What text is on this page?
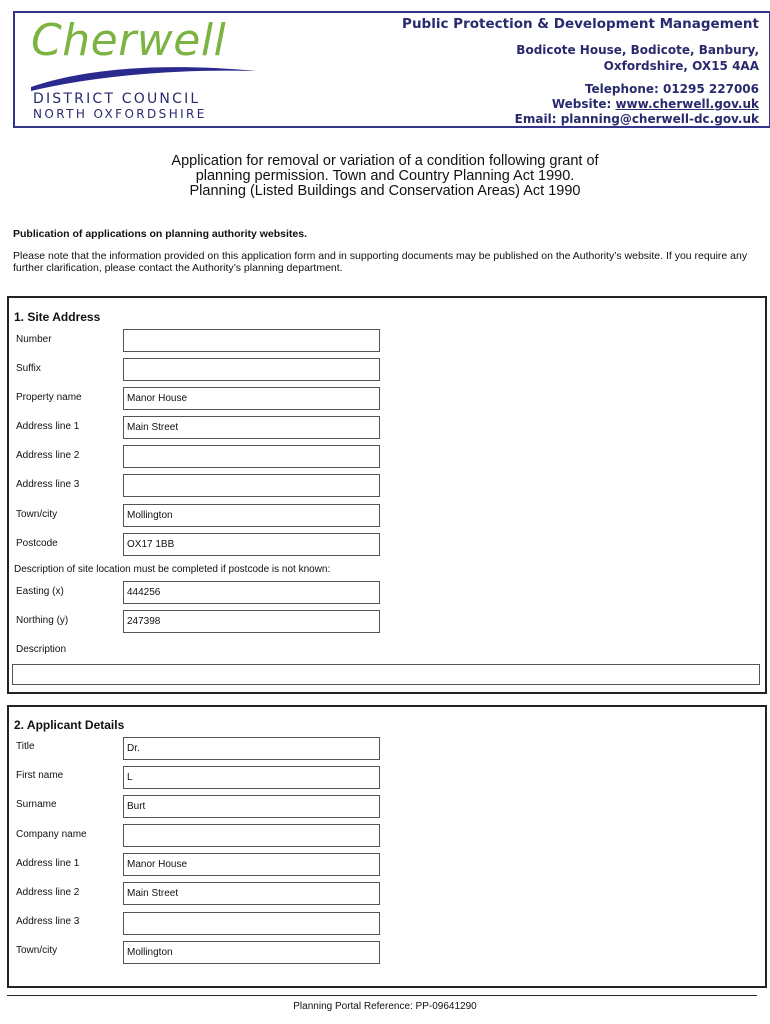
Cherwell
DISTRICT COUNCIL
NORTH OXFORDSHIRE
Public Protection & Development Management
Bodicote House, Bodicote, Banbury,
Oxfordshire, OX15 4AA
Telephone: 01295 227006
Website: www.cherwell.gov.uk
Email: planning@cherwell-dc.gov.uk
Application for removal or variation of a condition following grant of
planning permission. Town and Country Planning Act 1990.
Planning (Listed Buildings and Conservation Areas) Act 1990
Publication of applications on planning authority websites.
Please note that the information provided on this application form and in supporting documents may be published on the Authority’s website. If you require any further clarification, please contact the Authority’s planning department.
1. Site Address
Number
Suffix
Property name	Manor House
Address line 1	Main Street
Address line 2
Address line 3
Town/city	Mollington
Postcode	OX17 1BB
Description of site location must be completed if postcode is not known:
Easting (x)	444256
Northing (y)	247398
Description
2. Applicant Details
Title	Dr.
First name	L
Surname	Burt
Company name
Address line 1	Manor House
Address line 2	Main Street
Address line 3
Town/city	Mollington
Planning Portal Reference: PP-09641290
